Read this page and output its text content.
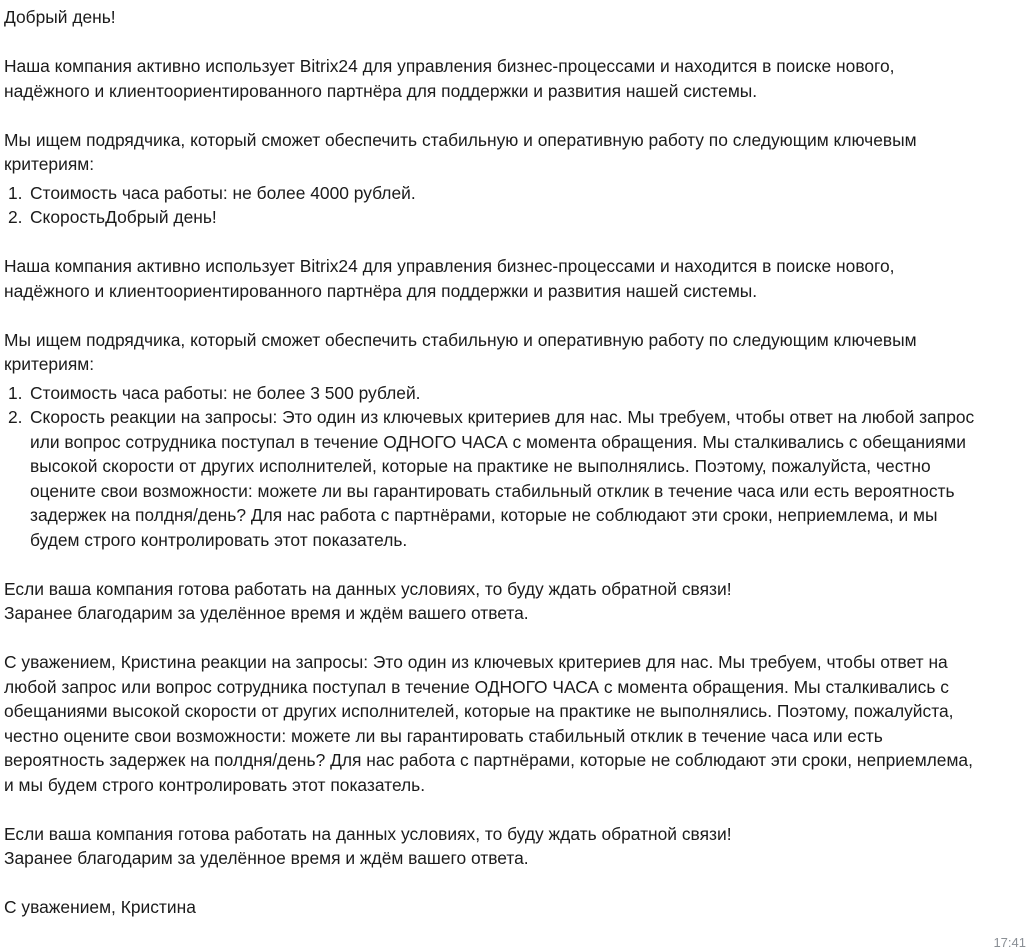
Добрый день!

Наша компания активно использует Bitrix24 для управления бизнес-процессами и находится в поиске нового,
надёжного и клиентоориентированного партнёра для поддержки и развития нашей системы.

Мы ищем подрядчика, который сможет обеспечить стабильную и оперативную работу по следующим ключевым
критериям:

1. Стоимость часа работы: не более 4000 рублей.
2. СкоростьДобрый день!

Наша компания активно использует Bitrix24 для управления бизнес-процессами и находится в поиске нового,
надёжного и клиентоориентированного партнёра для поддержки и развития нашей системы.

Мы ищем подрядчика, который сможет обеспечить стабильную и оперативную работу по следующим ключевым
критериям:

1. Стоимость часа работы: не более 3 500 рублей.
2. Скорость реакции на запросы: Это один из ключевых критериев для нас. Мы требуем, чтобы ответ на любой запрос
или вопрос сотрудника поступал в течение ОДНОГО ЧАСА с момента обращения. Мы сталкивались с обещаниями
высокой скорости от других исполнителей, которые на практике не выполнялись. Поэтому, пожалуйста, честно
оцените свои возможности: можете ли вы гарантировать стабильный отклик в течение часа или есть вероятность
задержек на полдня/день? Для нас работа с партнёрами, которые не соблюдают эти сроки, неприемлема, и мы
будем строго контролировать этот показатель.

Если ваша компания готова работать на данных условиях, то буду ждать обратной связи!
Заранее благодарим за уделённое время и ждём вашего ответа.

С уважением, Кристина реакции на запросы: Это один из ключевых критериев для нас. Мы требуем, чтобы ответ на
любой запрос или вопрос сотрудника поступал в течение ОДНОГО ЧАСА с момента обращения. Мы сталкивались с
обещаниями высокой скорости от других исполнителей, которые на практике не выполнялись. Поэтому, пожалуйста,
честно оцените свои возможности: можете ли вы гарантировать стабильный отклик в течение часа или есть
вероятность задержек на полдня/день? Для нас работа с партнёрами, которые не соблюдают эти сроки, неприемлема,
и мы будем строго контролировать этот показатель.

Если ваша компания готова работать на данных условиях, то буду ждать обратной связи!
Заранее благодарим за уделённое время и ждём вашего ответа.

С уважением, Кристина

17:41
